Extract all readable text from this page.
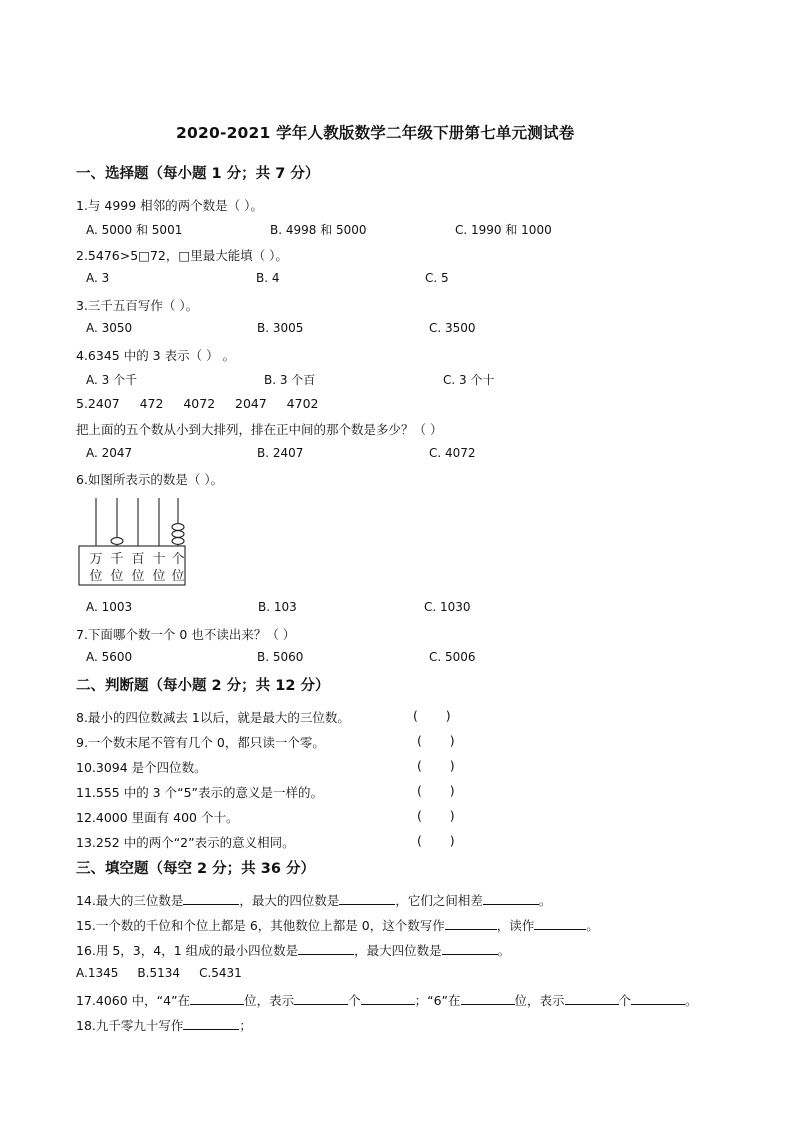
2020-2021 学年人教版数学二年级下册第七单元测试卷
一、选择题（每小题 1 分；共 7 分）
1.与 4999 相邻的两个数是（ ）。
A. 5000 和 5001	B. 4998 和 5000	C. 1990 和 1000
2.5476>5□72，□里最大能填（ ）。
A. 3	B. 4	C. 5
3.三千五百写作（ ）。
A. 3050	B. 3005	C. 3500
4.6345 中的 3 表示（ ） 。
A. 3 个千	B. 3 个百	C. 3 个十
5.2407     472     4072     2047     4702
把上面的五个数从小到大排列，排在正中间的那个数是多少？（ ）
A. 2047	B. 2407	C. 4072
6.如图所表示的数是（ ）。
万
位
千
位
百
位
十
位
个
位
A. 1003	B. 103	C. 1030
7.下面哪个数一个 0 也不读出来？（ ）
A. 5600	B. 5060	C. 5006
二、判断题（每小题 2 分；共 12 分）
8.最小的四位数减去 1以后，就是最大的三位数。	(       )
9.一个数末尾不管有几个 0，都只读一个零。	(       )
10.3094 是个四位数。	(       )
11.555 中的 3 个“5”表示的意义是一样的。	(       )
12.4000 里面有 400 个十。	(       )
13.252 中的两个“2”表示的意义相同。	(       )
三、填空题（每空 2 分；共 36 分）
14.最大的三位数是	，最大的四位数是	，它们之间相差	。
15.一个数的千位和个位上都是 6，其他数位上都是 0，这个数写作	，读作	。
16.用 5，3，4，1 组成的最小四位数是	，最大四位数是	。
A.1345     B.5134     C.5431
17.4060 中，“4”在	位，表示	个	；“6”在	位，表示	个	。
18.九千零九十写作	；
